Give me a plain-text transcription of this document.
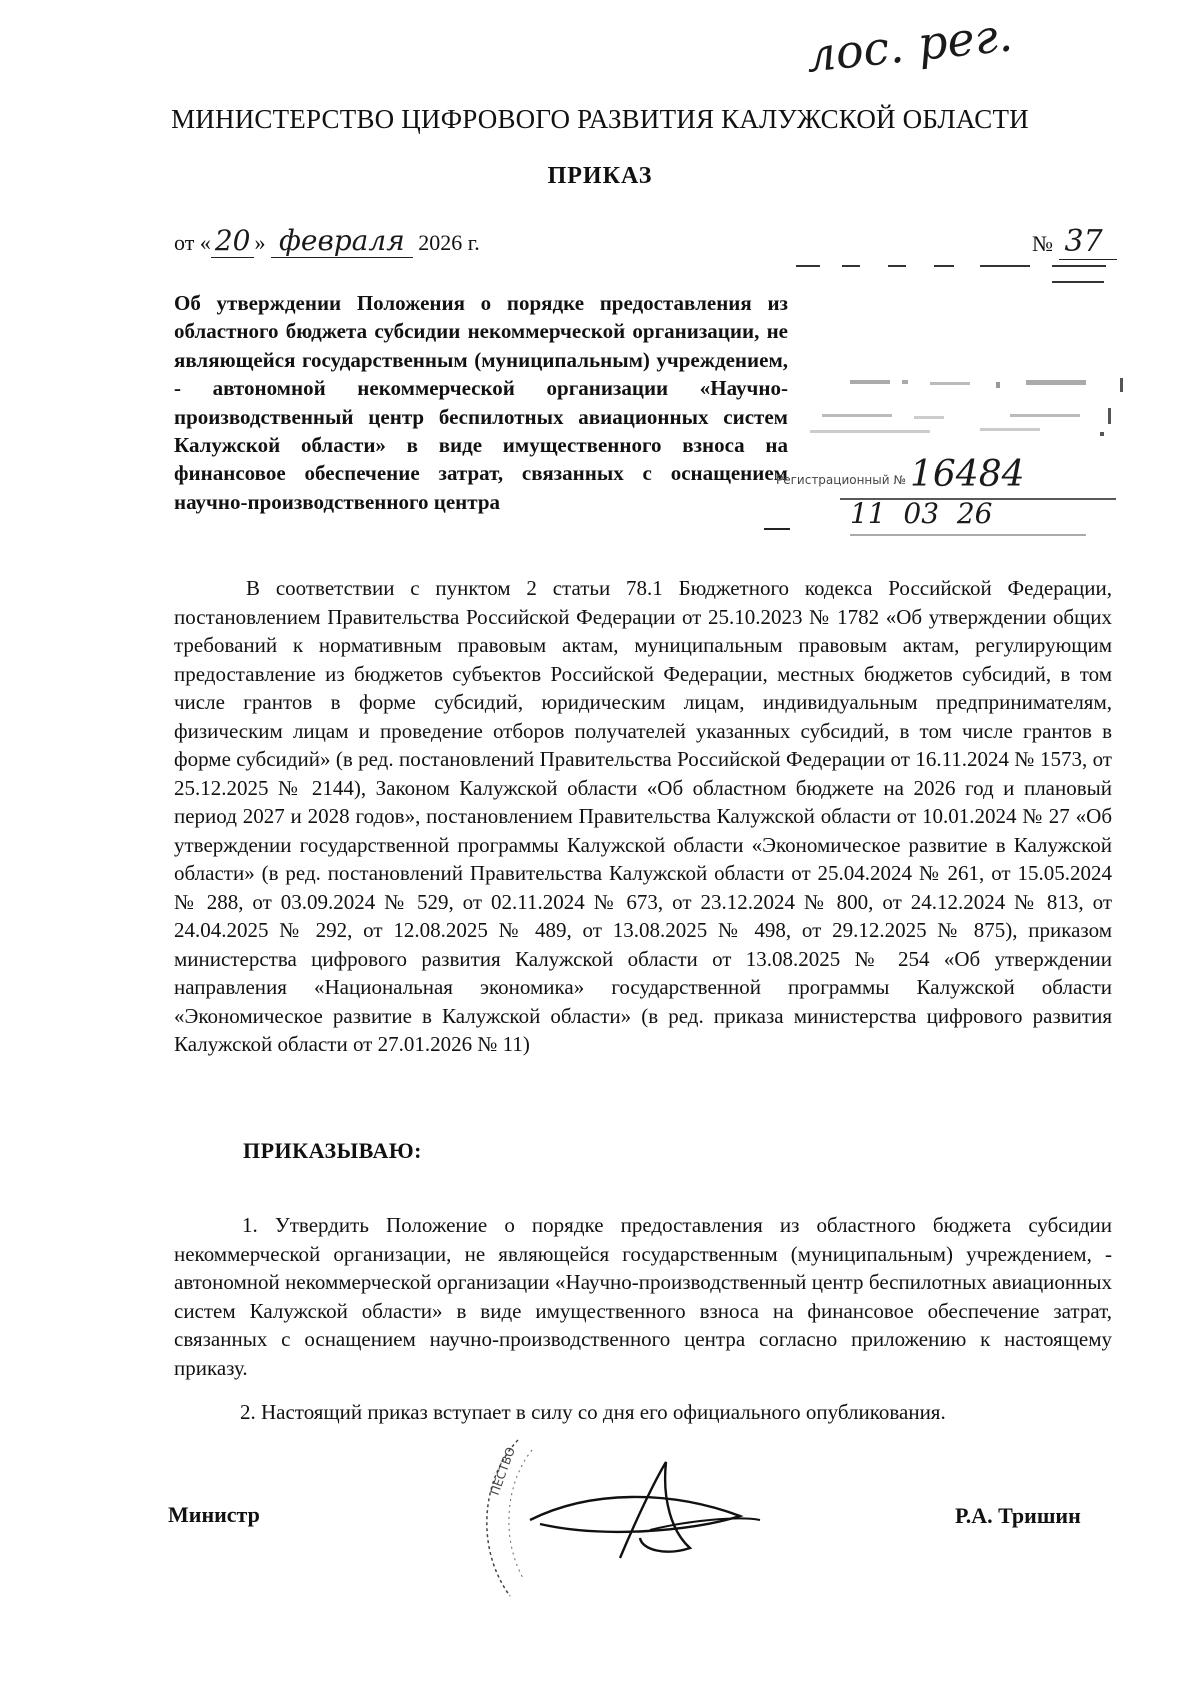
лос. рег.
МИНИСТЕРСТВО ЦИФРОВОГО РАЗВИТИЯ КАЛУЖСКОЙ ОБЛАСТИ
ПРИКАЗ
от « 20 » февраля 2026 г.	№ 37
Об утверждении Положения о порядке предоставления из областного бюджета субсидии некоммерческой организации, не являющейся государственным (муниципальным) учреждением, - автономной некоммерческой организации «Научно-производственный центр беспилотных авиационных систем Калужской области» в виде имущественного взноса на финансовое обеспечение затрат, связанных с оснащением научно-производственного центра
Регистрационный № 16484
11  03  26
В соответствии с пунктом 2 статьи 78.1 Бюджетного кодекса Российской Федерации, постановлением Правительства Российской Федерации от 25.10.2023 № 1782 «Об утверждении общих требований к нормативным правовым актам, муниципальным правовым актам, регулирующим предоставление из бюджетов субъектов Российской Федерации, местных бюджетов субсидий, в том числе грантов в форме субсидий, юридическим лицам, индивидуальным предпринимателям, физическим лицам и проведение отборов получателей указанных субсидий, в том числе грантов в форме субсидий» (в ред. постановлений Правительства Российской Федерации от 16.11.2024 № 1573, от 25.12.2025 № 2144), Законом Калужской области «Об областном бюджете на 2026 год и плановый период 2027 и 2028 годов», постановлением Правительства Калужской области от 10.01.2024 № 27 «Об утверждении государственной программы Калужской области «Экономическое развитие в Калужской области» (в ред. постановлений Правительства Калужской области от 25.04.2024 № 261, от 15.05.2024 № 288, от 03.09.2024 № 529, от 02.11.2024 № 673, от 23.12.2024 № 800, от 24.12.2024 № 813, от 24.04.2025 № 292, от 12.08.2025 № 489, от 13.08.2025 № 498, от 29.12.2025 № 875), приказом министерства цифрового развития Калужской области от 13.08.2025 № 254 «Об утверждении направления «Национальная экономика» государственной программы Калужской области «Экономическое развитие в Калужской области» (в ред. приказа министерства цифрового развития Калужской области от 27.01.2026 № 11)
ПРИКАЗЫВАЮ:
1. Утвердить Положение о порядке предоставления из областного бюджета субсидии некоммерческой организации, не являющейся государственным (муниципальным) учреждением, - автономной некоммерческой организации «Научно-производственный центр беспилотных авиационных систем Калужской области» в виде имущественного взноса на финансовое обеспечение затрат, связанных с оснащением научно-производственного центра согласно приложению к настоящему приказу.
2. Настоящий приказ вступает в силу со дня его официального опубликования.
ПЕСТВО
Министр	Р.А. Тришин
